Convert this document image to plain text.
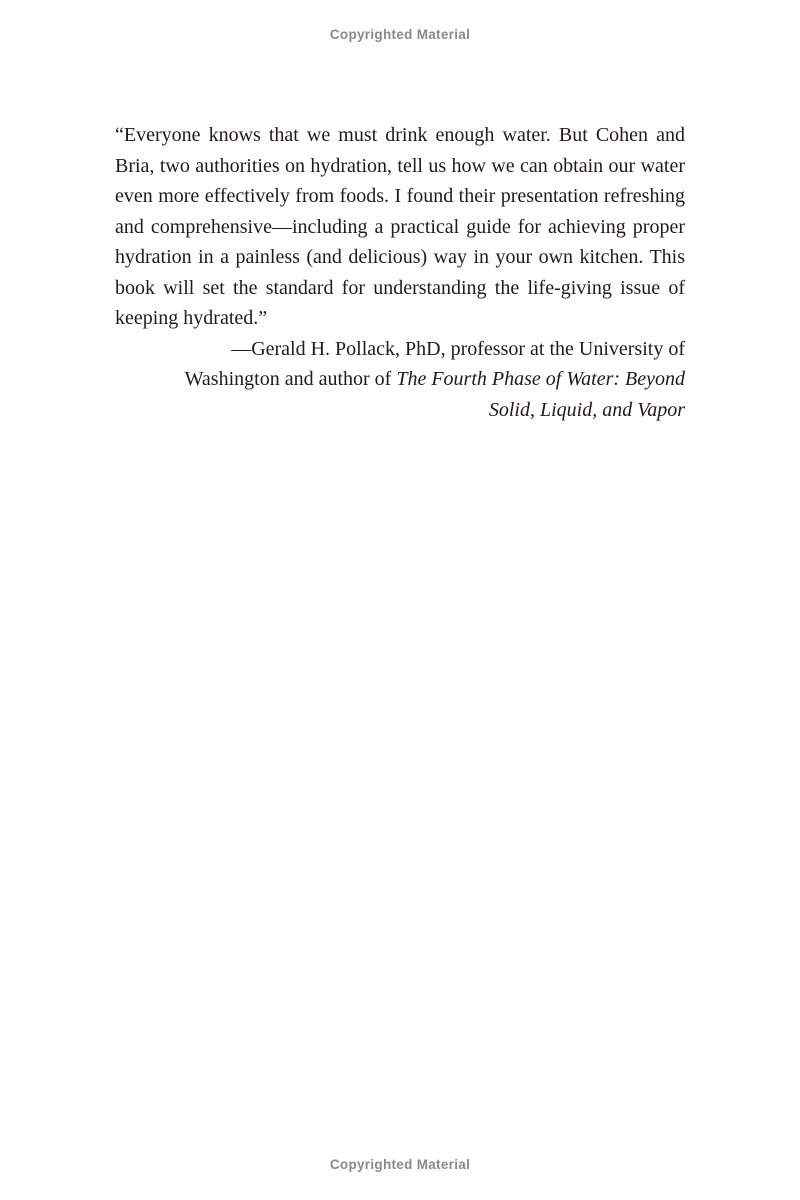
Copyrighted Material

“Everyone knows that we must drink enough water. But Cohen and Bria, two authorities on hydration, tell us how we can obtain our water even more effectively from foods. I found their presentation refreshing and comprehensive—including a practical guide for achieving proper hydration in a painless (and delicious) way in your own kitchen. This book will set the standard for understanding the life-giving issue of keeping hydrated.”

—Gerald H. Pollack, PhD, professor at the University of Washington and author of The Fourth Phase of Water: Beyond Solid, Liquid, and Vapor

Copyrighted Material
